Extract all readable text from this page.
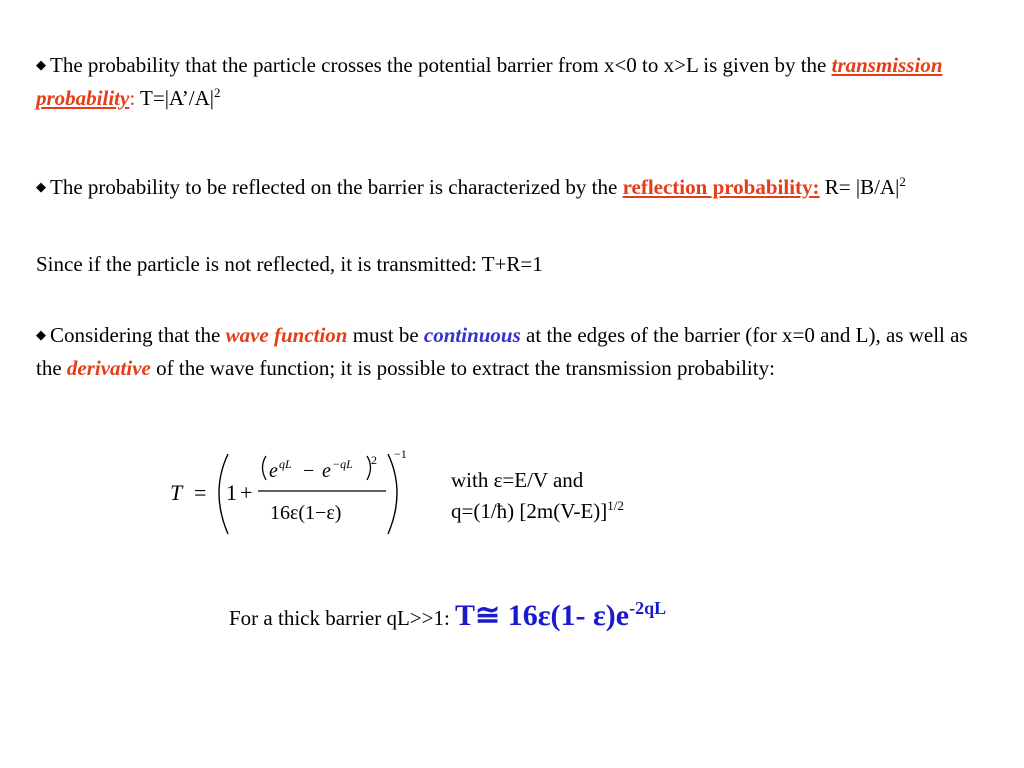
◆ The probability that the particle crosses the potential barrier from x<0 to x>L is given by the transmission probability: $T=|A’/A|^2$

◆ The probability to be reflected on the barrier is characterized by the reflection probability: $R= |B/A|^2$

Since if the particle is not reflected, it is transmitted: T+R=1

◆ Considering that the wave function must be continuous at the edges of the barrier (for x=0 and L), as well as the derivative of the wave function; it is possible to extract the transmission probability:

T = 1 +
e qL − e −qL 2
16ε(1−ε)
−1
with ε=E/V and
q=(1/ħ) $[2m(V-E)]^{1/2}$
For a thick barrier qL>>1: T≅ 16ε(1- $\varepsilon)e^{-2qL}$
